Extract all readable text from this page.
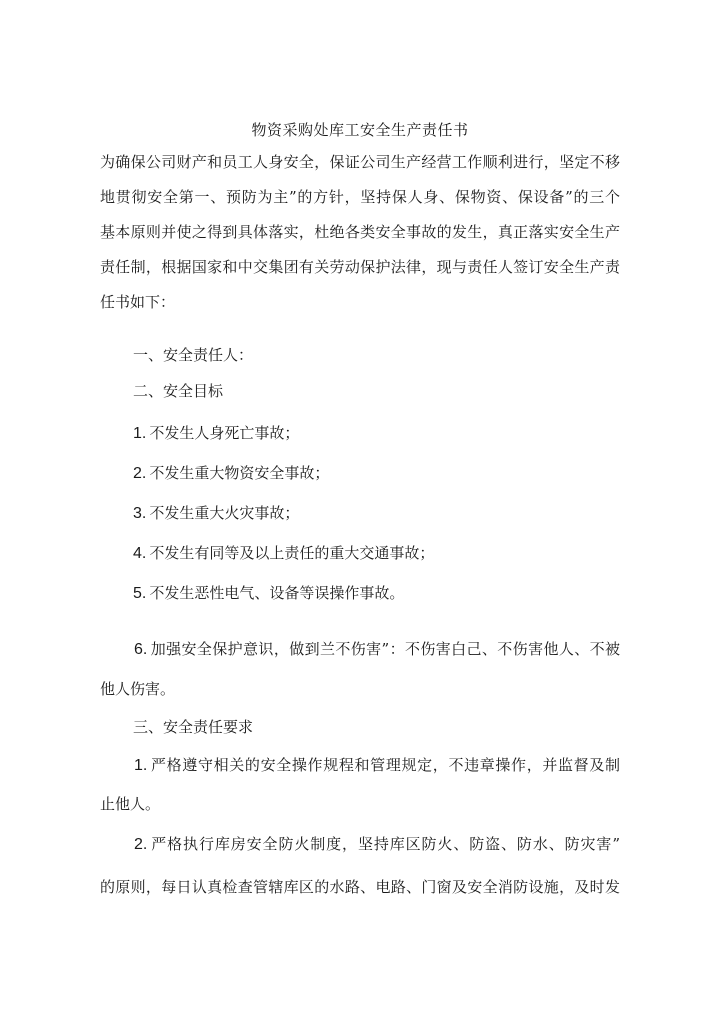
物资采购处库工安全生产责任书
为确保公司财产和员工人身安全，保证公司生产经营工作顺利进行，坚定不移
地贯彻安全第一、预防为主”的方针，坚持保人身、保物资、保设备”的三个
基本原则并使之得到具体落实，杜绝各类安全事故的发生，真正落实安全生产
责任制，根据国家和中交集团有关劳动保护法律，现与责任人签订安全生产责
任书如下：
一、安全责任人：
二、安全目标
1. 不发生人身死亡事故；
2. 不发生重大物资安全事故；
3. 不发生重大火灾事故；
4. 不发生有同等及以上责任的重大交通事故；
5. 不发生恶性电气、设备等误操作事故。
6. 加强安全保护意识，做到兰不伤害”：不伤害白己、不伤害他人、不被
他人伤害。
三、安全责任要求
1. 严格遵守相关的安全操作规程和管理规定，不违章操作，并监督及制
止他人。
2. 严格执行库房安全防火制度，坚持库区防火、防盗、防水、防灾害”
的原则，每日认真检查管辖库区的水路、电路、门窗及安全消防设施，及时发
